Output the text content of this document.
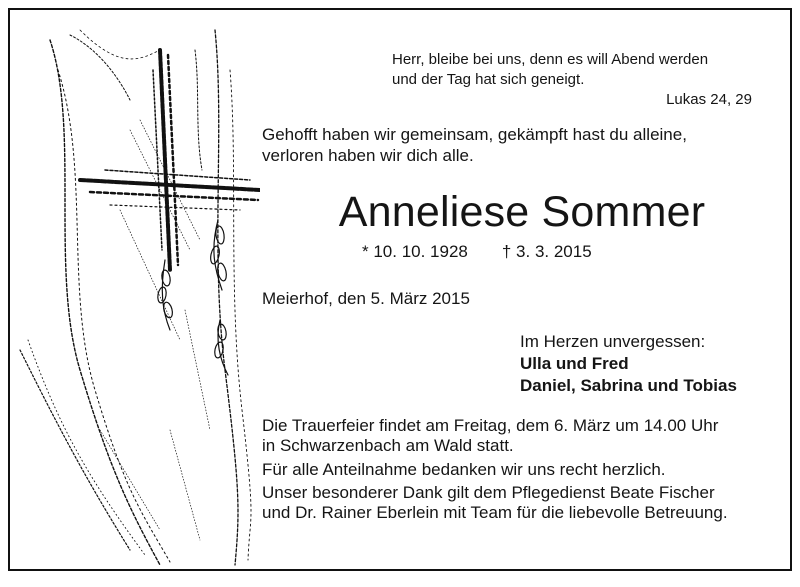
Herr, bleibe bei uns, denn es will Abend werden
und der Tag hat sich geneigt.
Lukas 24, 29
Gehofft haben wir gemeinsam, gekämpft hast du alleine,
verloren haben wir dich alle.
Anneliese Sommer
* 10. 10. 1928 † 3. 3. 2015
Meierhof, den 5. März 2015
Im Herzen unvergessen:
Ulla und Fred
Daniel, Sabrina und Tobias
Die Trauerfeier findet am Freitag, dem 6. März um 14.00 Uhr
in Schwarzenbach am Wald statt.
Für alle Anteilnahme bedanken wir uns recht herzlich.
Unser besonderer Dank gilt dem Pflegedienst Beate Fischer
und Dr. Rainer Eberlein mit Team für die liebevolle Betreuung.
